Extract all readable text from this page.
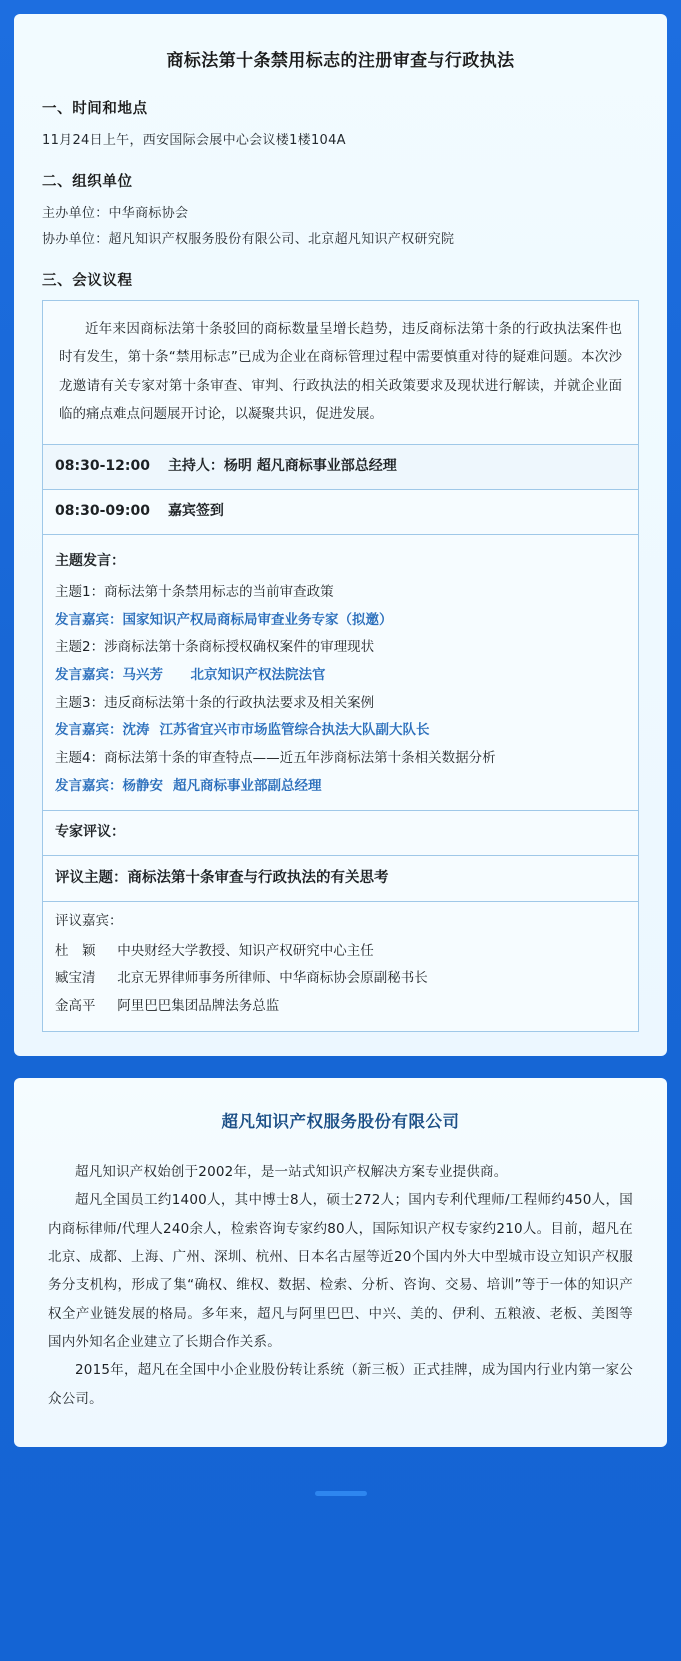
商标法第十条禁用标志的注册审查与行政执法
一、时间和地点
11月24日上午，西安国际会展中心会议楼1楼104A
二、组织单位
主办单位：中华商标协会
协办单位：超凡知识产权服务股份有限公司、北京超凡知识产权研究院
三、会议议程
近年来因商标法第十条驳回的商标数量呈增长趋势，违反商标法第十条的行政执法案件也时有发生，第十条“禁用标志”已成为企业在商标管理过程中需要慎重对待的疑难问题。本次沙龙邀请有关专家对第十条审查、审判、行政执法的相关政策要求及现状进行解读，并就企业面临的痛点难点问题展开讨论，以凝聚共识，促进发展。
08:30-12:00 主持人：杨明 超凡商标事业部总经理
08:30-09:00 嘉宾签到
主题发言：
主题1：商标法第十条禁用标志的当前审查政策
发言嘉宾：国家知识产权局商标局审查业务专家（拟邀）
主题2：涉商标法第十条商标授权确权案件的审理现状
发言嘉宾：马兴芳 北京知识产权法院法官
主题3：违反商标法第十条的行政执法要求及相关案例
发言嘉宾：沈涛 江苏省宜兴市市场监管综合执法大队副大队长
主题4：商标法第十条的审查特点——近五年涉商标法第十条相关数据分析
发言嘉宾：杨静安 超凡商标事业部副总经理
专家评议：
评议主题：商标法第十条审查与行政执法的有关思考
评议嘉宾：
杜　颖 中央财经大学教授、知识产权研究中心主任
臧宝清 北京无界律师事务所律师、中华商标协会原副秘书长
金高平 阿里巴巴集团品牌法务总监
超凡知识产权服务股份有限公司
超凡知识产权始创于2002年，是一站式知识产权解决方案专业提供商。
超凡全国员工约1400人，其中博士8人，硕士272人；国内专利代理师/工程师约450人，国内商标律师/代理人240余人，检索咨询专家约80人，国际知识产权专家约210人。目前，超凡在北京、成都、上海、广州、深圳、杭州、日本名古屋等近20个国内外大中型城市设立知识产权服务分支机构，形成了集“确权、维权、数据、检索、分析、咨询、交易、培训”等于一体的知识产权全产业链发展的格局。多年来，超凡与阿里巴巴、中兴、美的、伊利、五粮液、老板、美图等国内外知名企业建立了长期合作关系。
2015年，超凡在全国中小企业股份转让系统（新三板）正式挂牌，成为国内行业内第一家公众公司。
